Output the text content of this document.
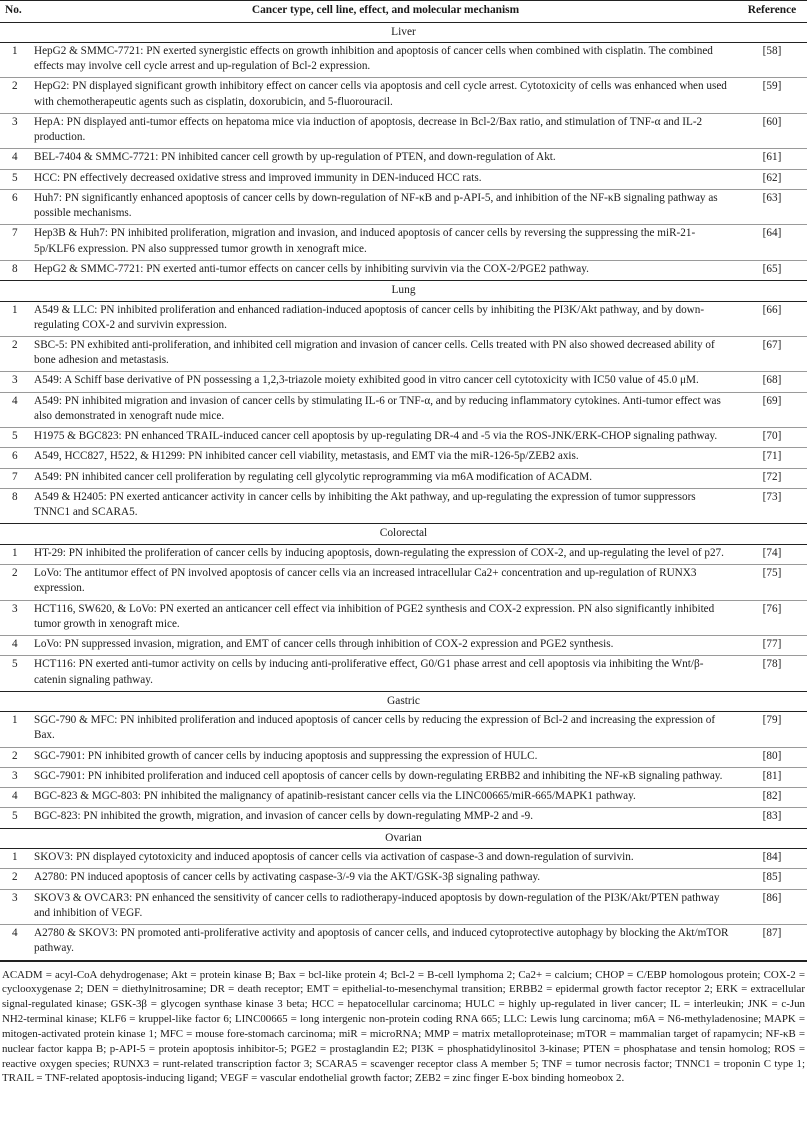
No.	Cancer type, cell line, effect, and molecular mechanism	Reference
Liver		
1	HepG2 & SMMC-7721: PN exerted synergistic effects on growth inhibition and apoptosis of cancer cells when combined with cisplatin. The combined effects may involve cell cycle arrest and up-regulation of Bcl-2 expression.	[58]
2	HepG2: PN displayed significant growth inhibitory effect on cancer cells via apoptosis and cell cycle arrest. Cytotoxicity of cells was enhanced when used with chemotherapeutic agents such as cisplatin, doxorubicin, and 5-fluorouracil.	[59]
3	HepA: PN displayed anti-tumor effects on hepatoma mice via induction of apoptosis, decrease in Bcl-2/Bax ratio, and stimulation of TNF-α and IL-2 production.	[60]
4	BEL-7404 & SMMC-7721: PN inhibited cancer cell growth by up-regulation of PTEN, and down-regulation of Akt.	[61]
5	HCC: PN effectively decreased oxidative stress and improved immunity in DEN-induced HCC rats.	[62]
6	Huh7: PN significantly enhanced apoptosis of cancer cells by down-regulation of NF-κB and p-API-5, and inhibition of the NF-κB signaling pathway as possible mechanisms.	[63]
7	Hep3B & Huh7: PN inhibited proliferation, migration and invasion, and induced apoptosis of cancer cells by reversing the suppressing the miR-21-5p/KLF6 expression. PN also suppressed tumor growth in xenograft mice.	[64]
8	HepG2 & SMMC-7721: PN exerted anti-tumor effects on cancer cells by inhibiting survivin via the COX-2/PGE2 pathway.	[65]
Lung		
1	A549 & LLC: PN inhibited proliferation and enhanced radiation-induced apoptosis of cancer cells by inhibiting the PI3K/Akt pathway, and by down-regulating COX-2 and survivin expression.	[66]
2	SBC-5: PN exhibited anti-proliferation, and inhibited cell migration and invasion of cancer cells. Cells treated with PN also showed decreased ability of bone adhesion and metastasis.	[67]
3	A549: A Schiff base derivative of PN possessing a 1,2,3-triazole moiety exhibited good in vitro cancer cell cytotoxicity with IC50 value of 45.0 μM.	[68]
4	A549: PN inhibited migration and invasion of cancer cells by stimulating IL-6 or TNF-α, and by reducing inflammatory cytokines. Anti-tumor effect was also demonstrated in xenograft nude mice.	[69]
5	H1975 & BGC823: PN enhanced TRAIL-induced cancer cell apoptosis by up-regulating DR-4 and -5 via the ROS-JNK/ERK-CHOP signaling pathway.	[70]
6	A549, HCC827, H522, & H1299: PN inhibited cancer cell viability, metastasis, and EMT via the miR-126-5p/ZEB2 axis.	[71]
7	A549: PN inhibited cancer cell proliferation by regulating cell glycolytic reprogramming via m6A modification of ACADM.	[72]
8	A549 & H2405: PN exerted anticancer activity in cancer cells by inhibiting the Akt pathway, and up-regulating the expression of tumor suppressors TNNC1 and SCARA5.	[73]
Colorectal		
1	HT-29: PN inhibited the proliferation of cancer cells by inducing apoptosis, down-regulating the expression of COX-2, and up-regulating the level of p27.	[74]
2	LoVo: The antitumor effect of PN involved apoptosis of cancer cells via an increased intracellular Ca2+ concentration and up-regulation of RUNX3 expression.	[75]
3	HCT116, SW620, & LoVo: PN exerted an anticancer cell effect via inhibition of PGE2 synthesis and COX-2 expression. PN also significantly inhibited tumor growth in xenograft mice.	[76]
4	LoVo: PN suppressed invasion, migration, and EMT of cancer cells through inhibition of COX-2 expression and PGE2 synthesis.	[77]
5	HCT116: PN exerted anti-tumor activity on cells by inducing anti-proliferative effect, G0/G1 phase arrest and cell apoptosis via inhibiting the Wnt/β-catenin signaling pathway.	[78]
Gastric		
1	SGC-790 & MFC: PN inhibited proliferation and induced apoptosis of cancer cells by reducing the expression of Bcl-2 and increasing the expression of Bax.	[79]
2	SGC-7901: PN inhibited growth of cancer cells by inducing apoptosis and suppressing the expression of HULC.	[80]
3	SGC-7901: PN inhibited proliferation and induced cell apoptosis of cancer cells by down-regulating ERBB2 and inhibiting the NF-κB signaling pathway.	[81]
4	BGC-823 & MGC-803: PN inhibited the malignancy of apatinib-resistant cancer cells via the LINC00665/miR-665/MAPK1 pathway.	[82]
5	BGC-823: PN inhibited the growth, migration, and invasion of cancer cells by down-regulating MMP-2 and -9.	[83]
Ovarian		
1	SKOV3: PN displayed cytotoxicity and induced apoptosis of cancer cells via activation of caspase-3 and down-regulation of survivin.	[84]
2	A2780: PN induced apoptosis of cancer cells by activating caspase-3/-9 via the AKT/GSK-3β signaling pathway.	[85]
3	SKOV3 & OVCAR3: PN enhanced the sensitivity of cancer cells to radiotherapy-induced apoptosis by down-regulation of the PI3K/Akt/PTEN pathway and inhibition of VEGF.	[86]
4	A2780 & SKOV3: PN promoted anti-proliferative activity and apoptosis of cancer cells, and induced cytoprotective autophagy by blocking the Akt/mTOR pathway.	[87]
ACADM = acyl-CoA dehydrogenase; Akt = protein kinase B; Bax = bcl-like protein 4; Bcl-2 = B-cell lymphoma 2; Ca2+ = calcium; CHOP = C/EBP homologous protein; COX-2 = cyclooxygenase 2; DEN = diethylnitrosamine; DR = death receptor; EMT = epithelial-to-mesenchymal transition; ERBB2 = epidermal growth factor receptor 2; ERK = extracellular signal-regulated kinase; GSK-3β = glycogen synthase kinase 3 beta; HCC = hepatocellular carcinoma; HULC = highly up-regulated in liver cancer; IL = interleukin; JNK = c-Jun NH2-terminal kinase; KLF6 = kruppel-like factor 6; LINC00665 = long intergenic non-protein coding RNA 665; LLC: Lewis lung carcinoma; m6A = N6-methyladenosine; MAPK = mitogen-activated protein kinase 1; MFC = mouse fore-stomach carcinoma; miR = microRNA; MMP = matrix metalloproteinase; mTOR = mammalian target of rapamycin; NF-κB = nuclear factor kappa B; p-API-5 = protein apoptosis inhibitor-5; PGE2 = prostaglandin E2; PI3K = phosphatidylinositol 3-kinase; PTEN = phosphatase and tensin homolog; ROS = reactive oxygen species; RUNX3 = runt-related transcription factor 3; SCARA5 = scavenger receptor class A member 5; TNF = tumor necrosis factor; TNNC1 = troponin C type 1; TRAIL = TNF-related apoptosis-inducing ligand; VEGF = vascular endothelial growth factor; ZEB2 = zinc finger E-box binding homeobox 2.
